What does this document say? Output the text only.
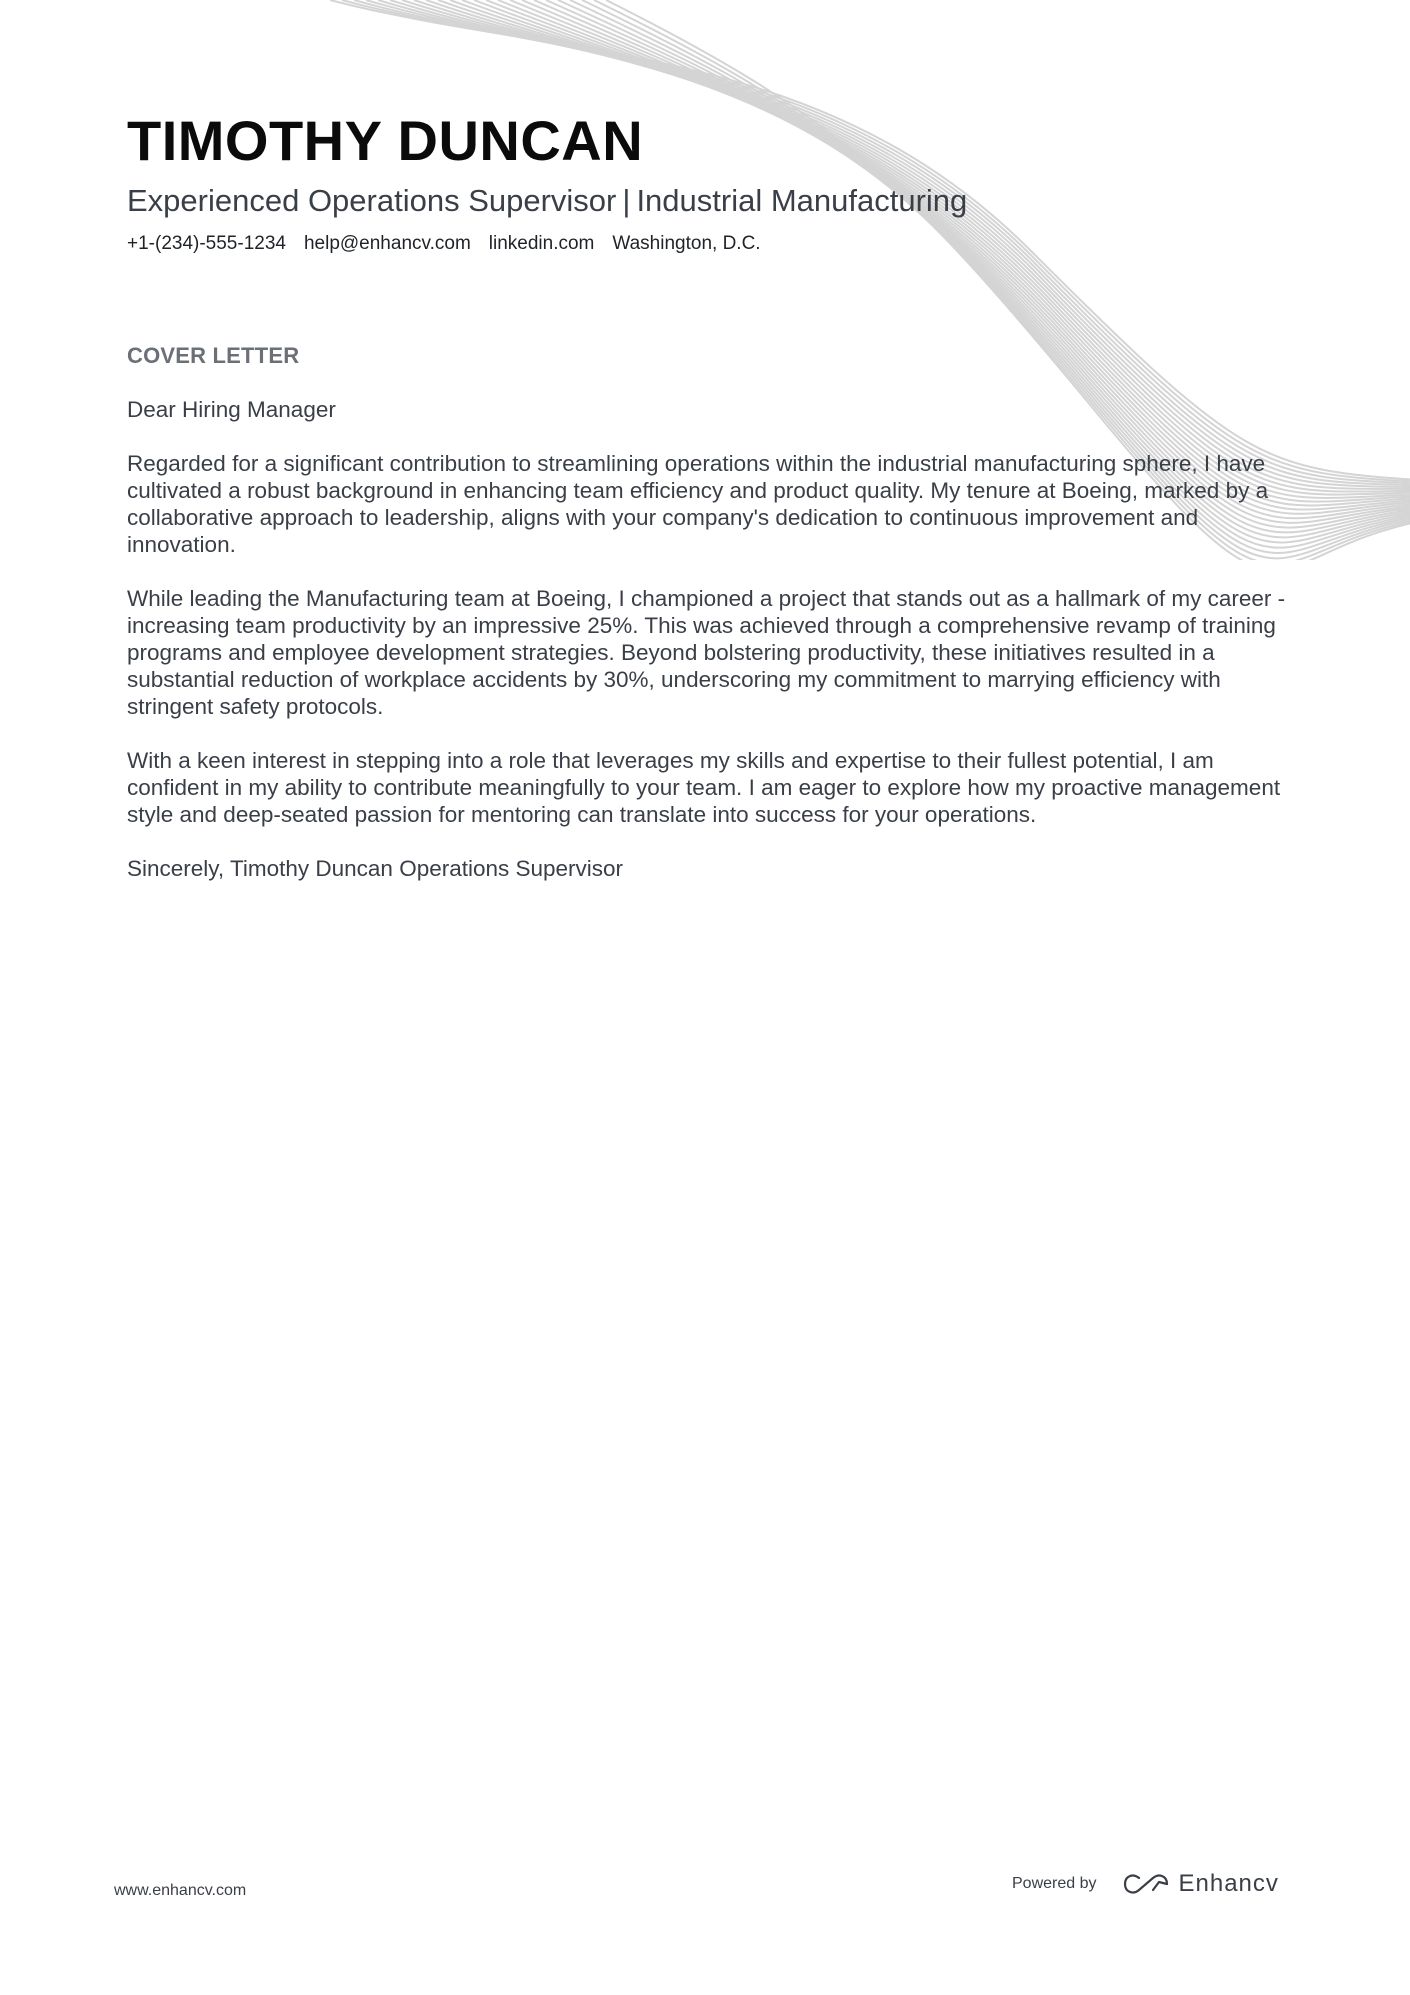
TIMOTHY DUNCAN
Experienced Operations Supervisor | Industrial Manufacturing
+1-(234)-555-1234 help@enhancv.com linkedin.com Washington, D.C.
COVER LETTER

Dear Hiring Manager

Regarded for a significant contribution to streamlining operations within the industrial manufacturing sphere, I have cultivated a robust background in enhancing team efficiency and product quality. My tenure at Boeing, marked by a collaborative approach to leadership, aligns with your company's dedication to continuous improvement and innovation.

While leading the Manufacturing team at Boeing, I championed a project that stands out as a hallmark of my career - increasing team productivity by an impressive 25%. This was achieved through a comprehensive revamp of training programs and employee development strategies. Beyond bolstering productivity, these initiatives resulted in a substantial reduction of workplace accidents by 30%, underscoring my commitment to marrying efficiency with stringent safety protocols.

With a keen interest in stepping into a role that leverages my skills and expertise to their fullest potential, I am confident in my ability to contribute meaningfully to your team. I am eager to explore how my proactive management style and deep-seated passion for mentoring can translate into success for your operations.

Sincerely, Timothy Duncan Operations Supervisor

www.enhancv.com	Powered by	Enhancv
